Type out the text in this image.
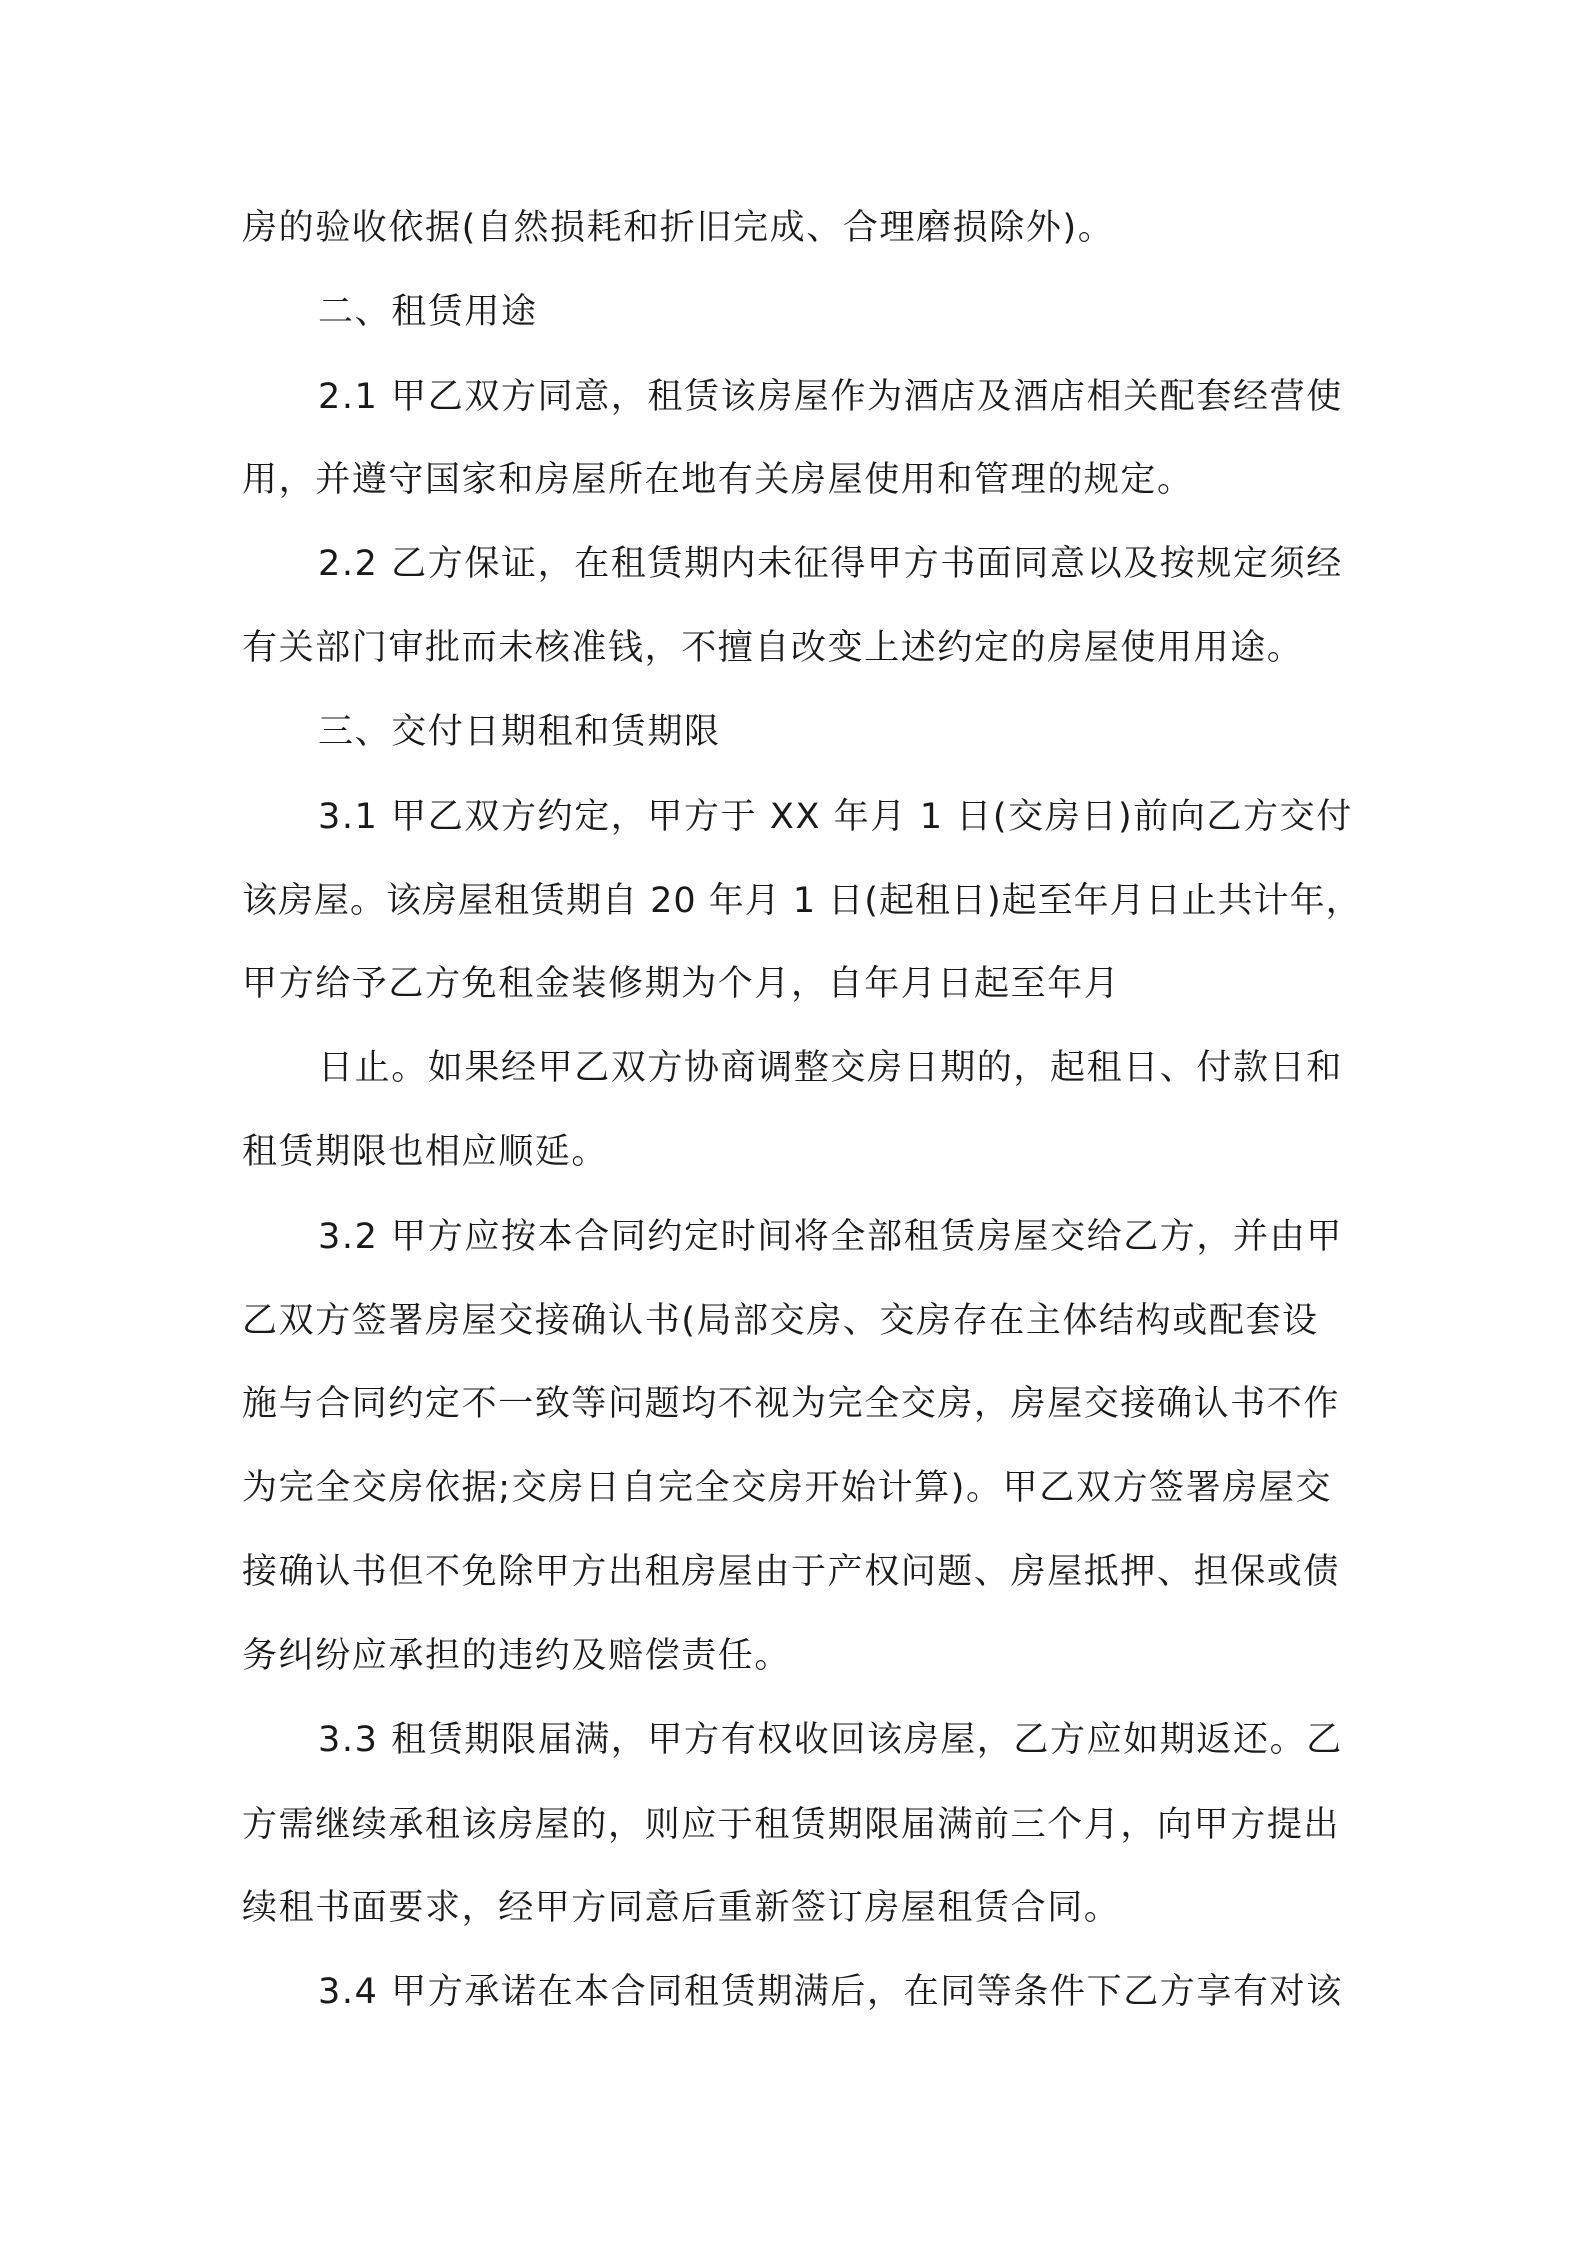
房的验收依据(自然损耗和折旧完成、合理磨损除外)。
二、租赁用途
2.1 甲乙双方同意，租赁该房屋作为酒店及酒店相关配套经营使
用，并遵守国家和房屋所在地有关房屋使用和管理的规定。
2.2 乙方保证，在租赁期内未征得甲方书面同意以及按规定须经
有关部门审批而未核准钱，不擅自改变上述约定的房屋使用用途。
三、交付日期租和赁期限
3.1 甲乙双方约定，甲方于 XX 年月 1 日(交房日)前向乙方交付
该房屋。该房屋租赁期自 20 年月 1 日(起租日)起至年月日止共计年，
甲方给予乙方免租金装修期为个月，自年月日起至年月
日止。如果经甲乙双方协商调整交房日期的，起租日、付款日和
租赁期限也相应顺延。
3.2 甲方应按本合同约定时间将全部租赁房屋交给乙方，并由甲
乙双方签署房屋交接确认书(局部交房、交房存在主体结构或配套设
施与合同约定不一致等问题均不视为完全交房，房屋交接确认书不作
为完全交房依据;交房日自完全交房开始计算)。甲乙双方签署房屋交
接确认书但不免除甲方出租房屋由于产权问题、房屋抵押、担保或债
务纠纷应承担的违约及赔偿责任。
3.3 租赁期限届满，甲方有权收回该房屋，乙方应如期返还。乙
方需继续承租该房屋的，则应于租赁期限届满前三个月，向甲方提出
续租书面要求，经甲方同意后重新签订房屋租赁合同。
3.4 甲方承诺在本合同租赁期满后，在同等条件下乙方享有对该
